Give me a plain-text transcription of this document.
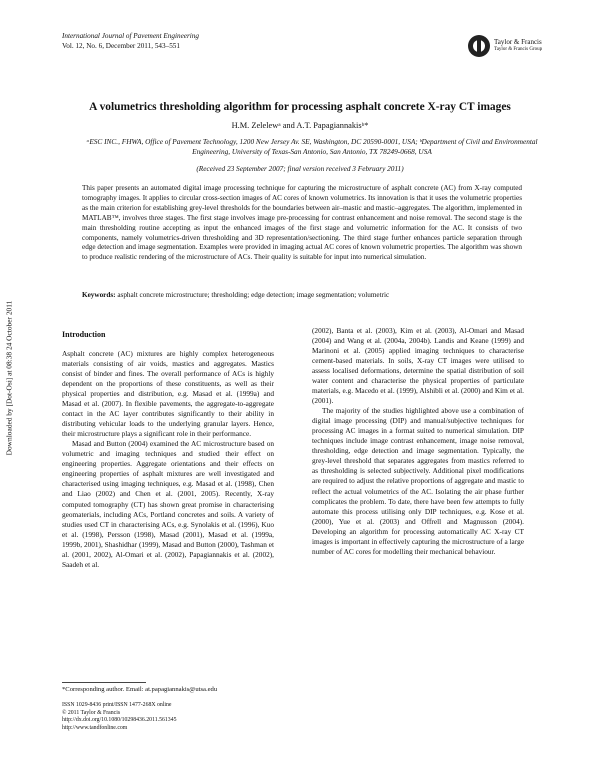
International Journal of Pavement Engineering
Vol. 12, No. 6, December 2011, 543–551	Taylor & Francis
Taylor & Francis Group
A volumetrics thresholding algorithm for processing asphalt concrete X-ray CT images
H.M. Zelelewᵃ and A.T. Papagiannakisᵇ*
ᵃESC INC., FHWA, Office of Pavement Technology, 1200 New Jersey Av. SE, Washington, DC 20590-0001, USA; ᵇDepartment of Civil and Environmental Engineering, University of Texas-San Antonio, San Antonio, TX 78249-0668, USA
(Received 23 September 2007; final version received 3 February 2011)
This paper presents an automated digital image processing technique for capturing the microstructure of asphalt concrete (AC) from X-ray computed tomography images. It applies to circular cross-section images of AC cores of known volumetrics. Its innovation is that it uses the volumetric properties as the main criterion for establishing grey-level thresholds for the boundaries between air–mastic and mastic–aggregates. The algorithm, implemented in MATLAB™, involves three stages. The first stage involves image pre-processing for contrast enhancement and noise removal. The second stage is the main thresholding routine accepting as input the enhanced images of the first stage and volumetric information for the AC. It consists of two components, namely volumetrics-driven thresholding and 3D representation/sectioning. The third stage further enhances particle separation through edge detection and image segmentation. Examples were provided in imaging actual AC cores of known volumetric properties. The algorithm was shown to produce realistic rendering of the microstructure of ACs. Their quality is suitable for input into numerical simulation.
Keywords: asphalt concrete microstructure; thresholding; edge detection; image segmentation; volumetric
Downloaded by [Dot-Osi] at 08:38 24 October 2011	Introduction

Asphalt concrete (AC) mixtures are highly complex heterogeneous materials consisting of air voids, mastics and aggregates. Mastics consist of binder and fines. The overall performance of ACs is highly dependent on the proportions of these constituents, as well as their physical properties and distribution, e.g. Masad et al. (1999a) and Masad et al. (2007). In flexible pavements, the aggregate-to-aggregate contact in the AC layer contributes significantly to their ability in distributing vehicular loads to the underlying granular layers. Hence, their microstructure plays a significant role in their performance.

Masad and Button (2004) examined the AC microstructure based on volumetric and imaging techniques and studied their effect on engineering properties. Aggregate orientations and their effects on engineering properties of asphalt mixtures are well investigated and characterised using imaging techniques, e.g. Masad et al. (1998), Chen and Liao (2002) and Chen et al. (2001, 2005). Recently, X-ray computed tomography (CT) has shown great promise in characterising geomaterials, including ACs, Portland concretes and soils. A variety of studies used CT in characterising ACs, e.g. Synolakis et al. (1996), Kuo et al. (1998), Persson (1998), Masad (2001), Masad et al. (1999a, 1999b, 2001), Shashidhar (1999), Masad and Button (2000), Tashman et al. (2001, 2002), Al-Omari et al. (2002), Papagiannakis et al. (2002), Saadeh et al.

(2002), Banta et al. (2003), Kim et al. (2003), Al-Omari and Masad (2004) and Wang et al. (2004a, 2004b). Landis and Keane (1999) and Marinoni et al. (2005) applied imaging techniques to characterise cement-based materials. In soils, X-ray CT images were utilised to assess localised deformations, determine the spatial distribution of soil water content and characterise the physical properties of particulate materials, e.g. Macedo et al. (1999), Alshibli et al. (2000) and Kim et al. (2001).

The majority of the studies highlighted above use a combination of digital image processing (DIP) and manual/subjective techniques for processing AC images in a format suited to numerical simulation. DIP techniques include image contrast enhancement, image noise removal, thresholding, edge detection and image segmentation. Typically, the grey-level threshold that separates aggregates from mastics referred to as thresholding is selected subjectively. Additional pixel modifications are required to adjust the relative proportions of aggregate and mastic to reflect the actual volumetrics of the AC. Isolating the air phase further complicates the problem. To date, there have been few attempts to fully automate this process utilising only DIP techniques, e.g. Kose et al. (2000), Yue et al. (2003) and Offrell and Magnusson (2004). Developing an algorithm for processing automatically AC X-ray CT images is important in effectively capturing the microstructure of a large number of AC cores for modelling their mechanical behaviour.

*Corresponding author. Email: at.papagiannakis@utsa.edu
ISSN 1029-8436 print/ISSN 1477-268X online
© 2011 Taylor & Francis
http://dx.doi.org/10.1080/10298436.2011.561345
http://www.tandfonline.com
